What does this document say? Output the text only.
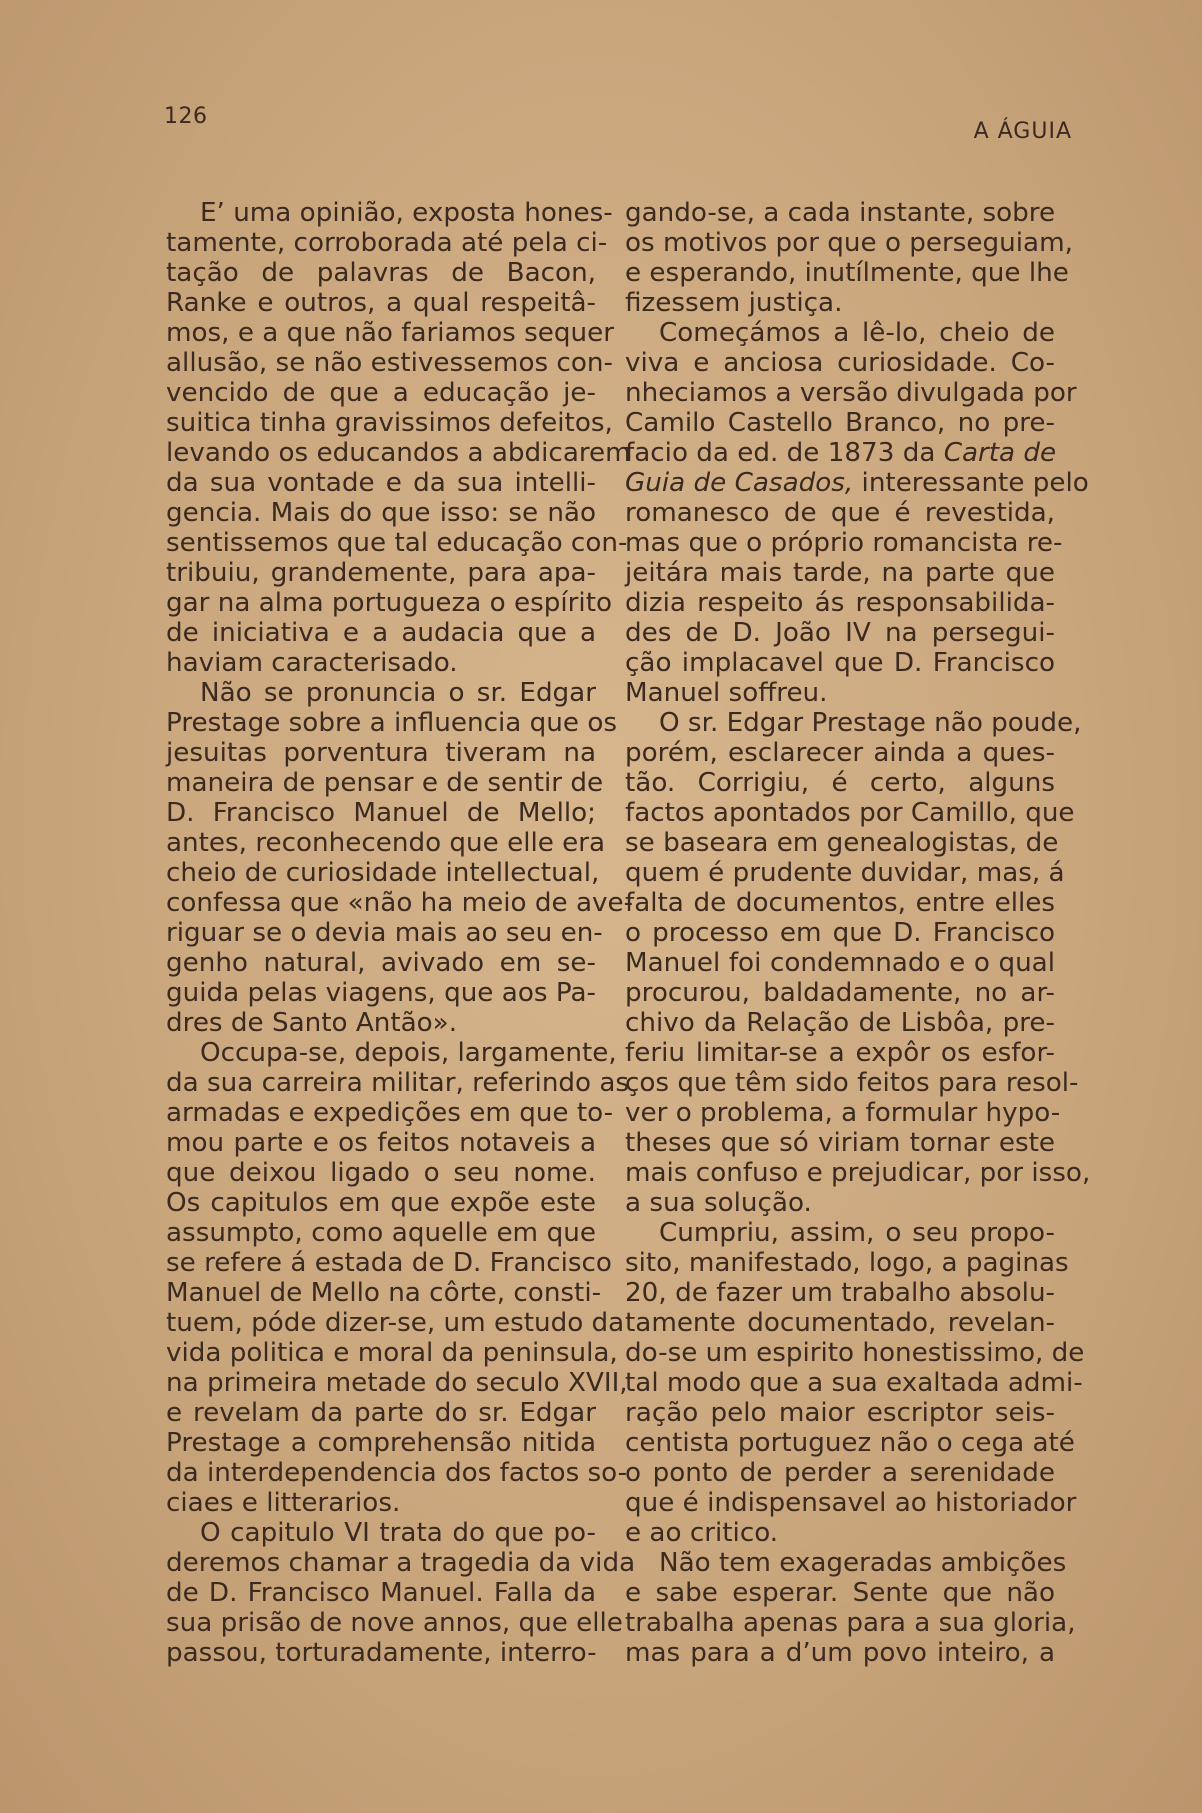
126
A ÁGUIA
E’ uma opinião, exposta hones-
tamente, corroborada até pela ci-
tação de palavras de Bacon,
Ranke e outros, a qual respeitâ-
mos, e a que não fariamos sequer
allusão, se não estivessemos con-
vencido de que a educação je-
suitica tinha gravissimos defeitos,
levando os educandos a abdicarem
da sua vontade e da sua intelli-
gencia. Mais do que isso: se não
sentissemos que tal educação con-
tribuiu, grandemente, para apa-
gar na alma portugueza o espírito
de iniciativa e a audacia que a
haviam caracterisado.
Não se pronuncia o sr. Edgar
Prestage sobre a influencia que os
jesuitas porventura tiveram na
maneira de pensar e de sentir de
D. Francisco Manuel de Mello;
antes, reconhecendo que elle era
cheio de curiosidade intellectual,
confessa que «não ha meio de ave-
riguar se o devia mais ao seu en-
genho natural, avivado em se-
guida pelas viagens, que aos Pa-
dres de Santo Antão».
Occupa-se, depois, largamente,
da sua carreira militar, referindo as
armadas e expedições em que to-
mou parte e os feitos notaveis a
que deixou ligado o seu nome.
Os capitulos em que expõe este
assumpto, como aquelle em que
se refere á estada de D. Francisco
Manuel de Mello na côrte, consti-
tuem, póde dizer-se, um estudo da
vida politica e moral da peninsula,
na primeira metade do seculo XVII,
e revelam da parte do sr. Edgar
Prestage a comprehensão nitida
da interdependencia dos factos so-
ciaes e litterarios.
O capitulo VI trata do que po-
deremos chamar a tragedia da vida
de D. Francisco Manuel. Falla da
sua prisão de nove annos, que elle
passou, torturadamente, interro-
gando-se, a cada instante, sobre
os motivos por que o perseguiam,
e esperando, inutílmente, que lhe
fizessem justiça.
Começámos a lê-lo, cheio de
viva e anciosa curiosidade. Co-
nheciamos a versão divulgada por
Camilo Castello Branco, no pre-
facio da ed. de 1873 da Carta de
Guia de Casados, interessante pelo
romanesco de que é revestida,
mas que o próprio romancista re-
jeitára mais tarde, na parte que
dizia respeito ás responsabilida-
des de D. João IV na persegui-
ção implacavel que D. Francisco
Manuel soffreu.
O sr. Edgar Prestage não poude,
porém, esclarecer ainda a ques-
tão. Corrigiu, é certo, alguns
factos apontados por Camillo, que
se baseara em genealogistas, de
quem é prudente duvidar, mas, á
falta de documentos, entre elles
o processo em que D. Francisco
Manuel foi condemnado e o qual
procurou, baldadamente, no ar-
chivo da Relação de Lisbôa, pre-
feriu limitar-se a expôr os esfor-
ços que têm sido feitos para resol-
ver o problema, a formular hypo-
theses que só viriam tornar este
mais confuso e prejudicar, por isso,
a sua solução.
Cumpriu, assim, o seu propo-
sito, manifestado, logo, a paginas
20, de fazer um trabalho absolu-
tamente documentado, revelan-
do-se um espirito honestissimo, de
tal modo que a sua exaltada admi-
ração pelo maior escriptor seis-
centista portuguez não o cega até
o ponto de perder a serenidade
que é indispensavel ao historiador
e ao critico.
Não tem exageradas ambições
e sabe esperar. Sente que não
trabalha apenas para a sua gloria,
mas para a d’um povo inteiro, a
